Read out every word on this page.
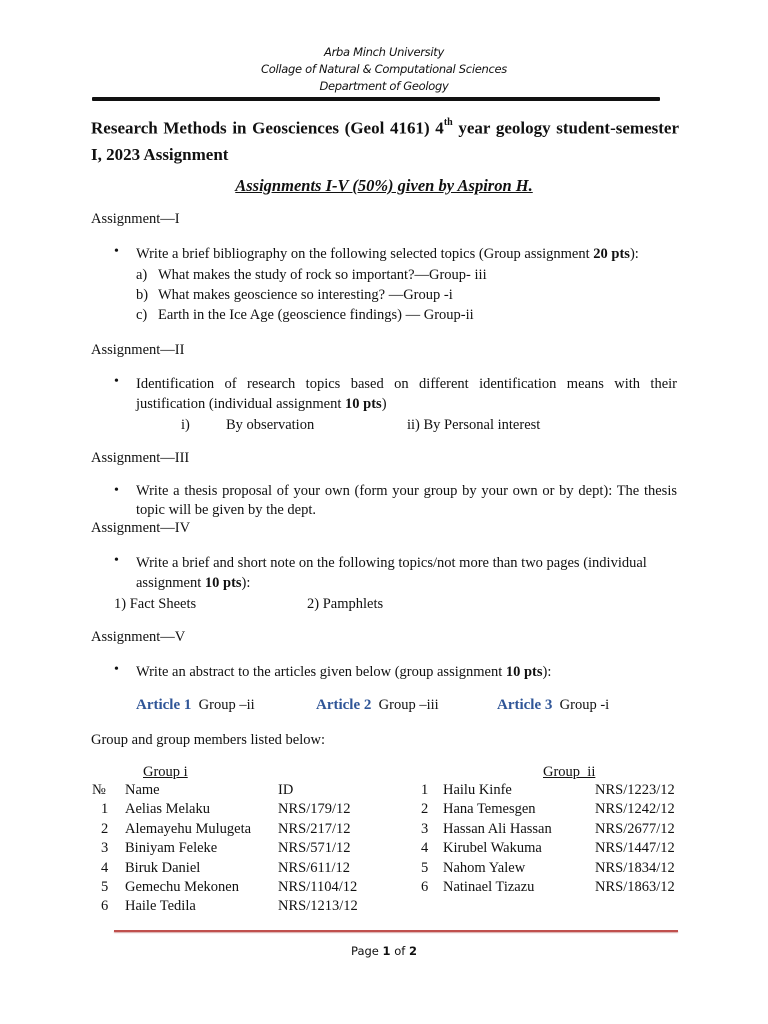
Arba Minch University
Collage of Natural & Computational Sciences
Department of Geology
Research Methods in Geosciences (Geol 4161) 4th year geology student-semester I, 2023 Assignment
Assignments I-V (50%) given by Aspiron H.
Assignment—I
• Write a brief bibliography on the following selected topics (Group assignment 20 pts):
a) What makes the study of rock so important?—Group- iii
b) What makes geoscience so interesting? —Group -i
c) Earth in the Ice Age (geoscience findings) — Group-ii
Assignment—II
• Identification of research topics based on different identification means with their justification (individual assignment 10 pts)
i) By observation	ii) By Personal interest
Assignment—III
• Write a thesis proposal of your own (form your group by your own or by dept): The thesis topic will be given by the dept.
Assignment—IV
• Write a brief and short note on the following topics/not more than two pages (individual
assignment 10 pts):
1) Fact Sheets	2) Pamphlets
Assignment—V
• Write an abstract to the articles given below (group assignment 10 pts):
Article 1 Group –ii	Article 2 Group –iii	Article 3 Group -i
Group and group members listed below:
Group i
№	Name	ID
1	Aelias Melaku	NRS/179/12
2	Alemayehu Mulugeta	NRS/217/12
3	Biniyam Feleke	NRS/571/12
4	Biruk Daniel	NRS/611/12
5	Gemechu Mekonen	NRS/1104/12
6	Haile Tedila	NRS/1213/12
Group  ii
1	Hailu Kinfe	NRS/1223/12
2	Hana Temesgen	NRS/1242/12
3	Hassan Ali Hassan	NRS/2677/12
4	Kirubel Wakuma	NRS/1447/12
5	Nahom Yalew	NRS/1834/12
6	Natinael Tizazu	NRS/1863/12
Page 1 of 2
